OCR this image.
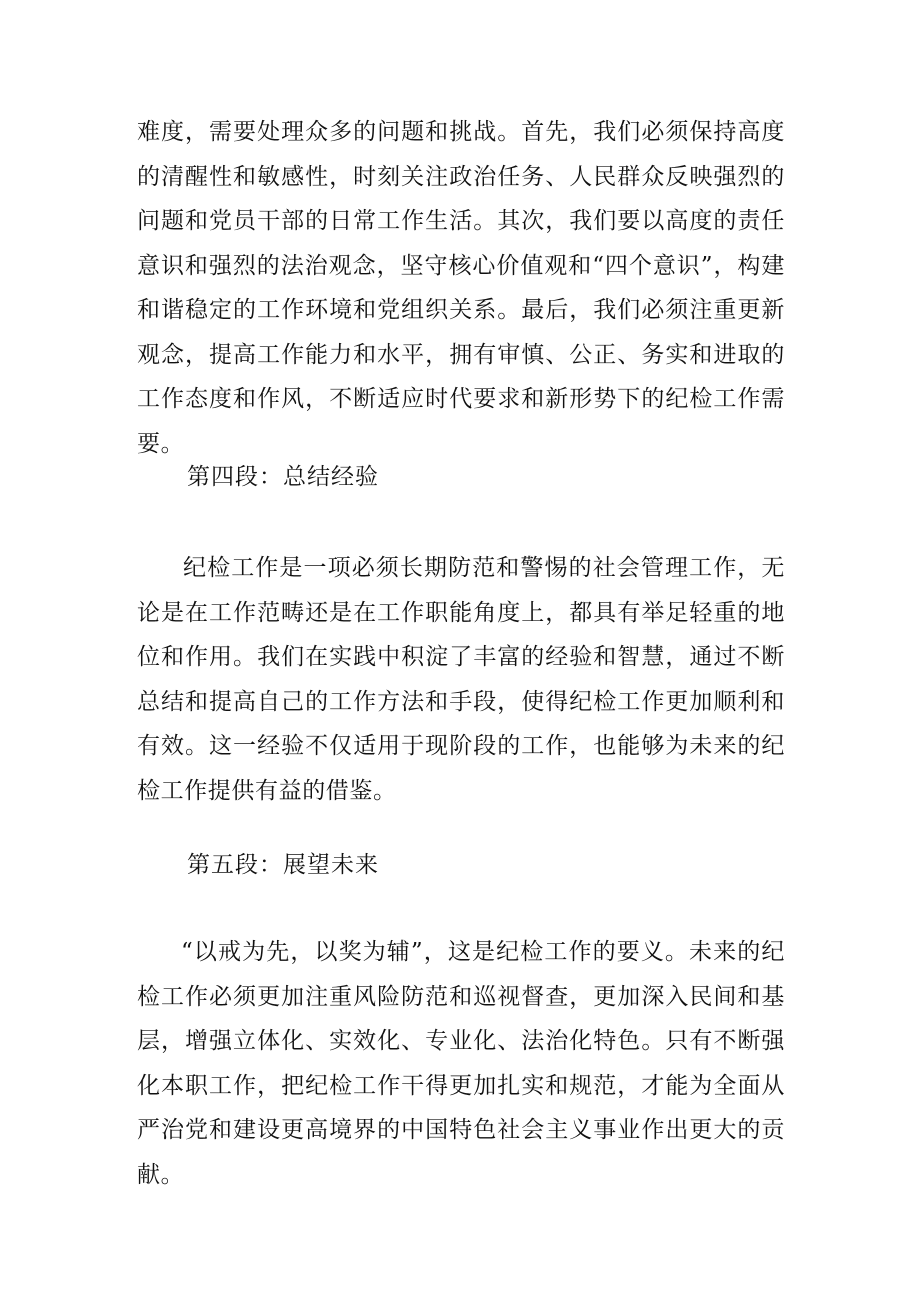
难度，需要处理众多的问题和挑战。首先，我们必须保持高度的清醒性和敏感性，时刻关注政治任务、人民群众反映强烈的问题和党员干部的日常工作生活。其次，我们要以高度的责任意识和强烈的法治观念，坚守核心价值观和“四个意识”，构建和谐稳定的工作环境和党组织关系。最后，我们必须注重更新观念，提高工作能力和水平，拥有审慎、公正、务实和进取的工作态度和作风，不断适应时代要求和新形势下的纪检工作需要。

第四段：总结经验

纪检工作是一项必须长期防范和警惕的社会管理工作，无论是在工作范畴还是在工作职能角度上，都具有举足轻重的地位和作用。我们在实践中积淀了丰富的经验和智慧，通过不断总结和提高自己的工作方法和手段，使得纪检工作更加顺利和有效。这一经验不仅适用于现阶段的工作，也能够为未来的纪检工作提供有益的借鉴。

第五段：展望未来

“以戒为先，以奖为辅”，这是纪检工作的要义。未来的纪检工作必须更加注重风险防范和巡视督查，更加深入民间和基层，增强立体化、实效化、专业化、法治化特色。只有不断强化本职工作，把纪检工作干得更加扎实和规范，才能为全面从严治党和建设更高境界的中国特色社会主义事业作出更大的贡献。
